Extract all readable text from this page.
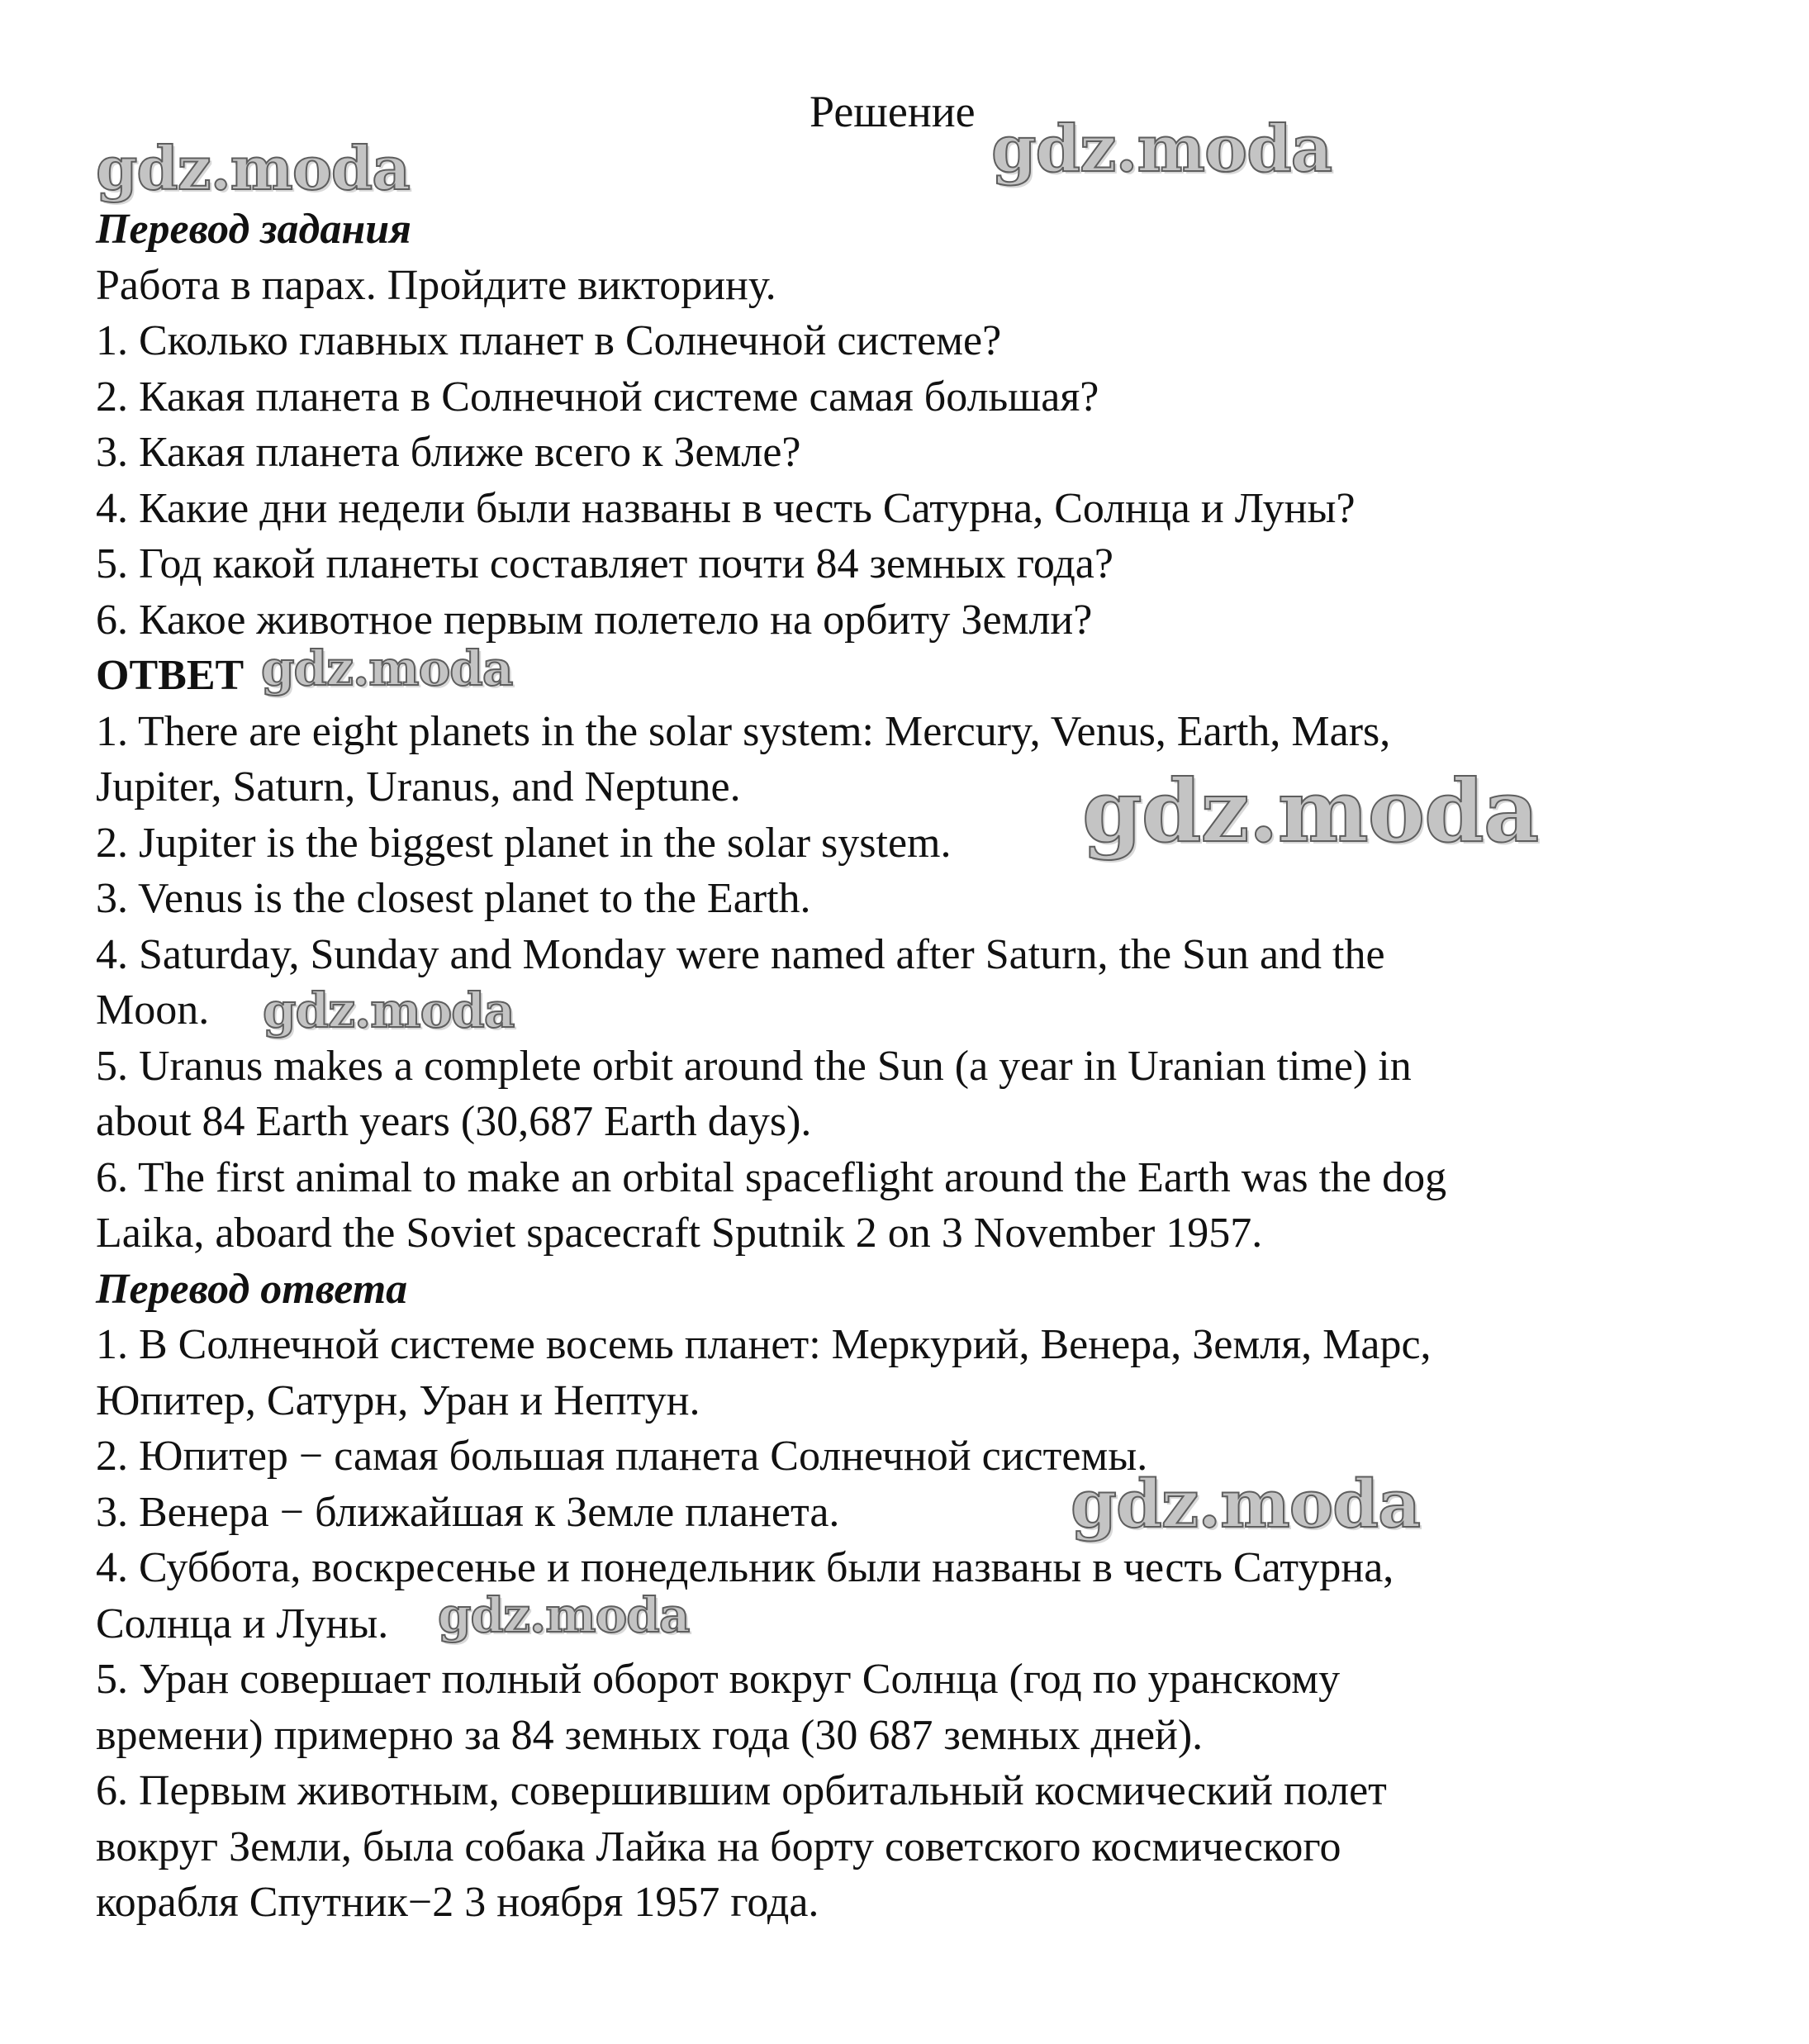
Решение
gdz.moda	gdz.moda
gdz.moda
gdz.moda
gdz.moda
gdz.moda
gdz.moda
Перевод задания
Работа в парах. Пройдите викторину.
1. Сколько главных планет в Солнечной системе?
2. Какая планета в Солнечной системе самая большая?
3. Какая планета ближе всего к Земле?
4. Какие дни недели были названы в честь Сатурна, Солнца и Луны?
5. Год какой планеты составляет почти 84 земных года?
6. Какое животное первым полетело на орбиту Земли?
ОТВЕТ
1. There are eight planets in the solar system: Mercury, Venus, Earth, Mars,
Jupiter, Saturn, Uranus, and Neptune.
2. Jupiter is the biggest planet in the solar system.
3. Venus is the closest planet to the Earth.
4. Saturday, Sunday and Monday were named after Saturn, the Sun and the
Moon.
5. Uranus makes a complete orbit around the Sun (a year in Uranian time) in
about 84 Earth years (30,687 Earth days).
6. The first animal to make an orbital spaceflight around the Earth was the dog
Laika, aboard the Soviet spacecraft Sputnik 2 on 3 November 1957.
Перевод ответа
1. В Солнечной системе восемь планет: Меркурий, Венера, Земля, Марс,
Юпитер, Сатурн, Уран и Нептун.
2. Юпитер − самая большая планета Солнечной системы.
3. Венера − ближайшая к Земле планета.
4. Суббота, воскресенье и понедельник были названы в честь Сатурна,
Солнца и Луны.
5. Уран совершает полный оборот вокруг Солнца (год по уранскому
времени) примерно за 84 земных года (30 687 земных дней).
6. Первым животным, совершившим орбитальный космический полет
вокруг Земли, была собака Лайка на борту советского космического
корабля Спутник−2 3 ноября 1957 года.
